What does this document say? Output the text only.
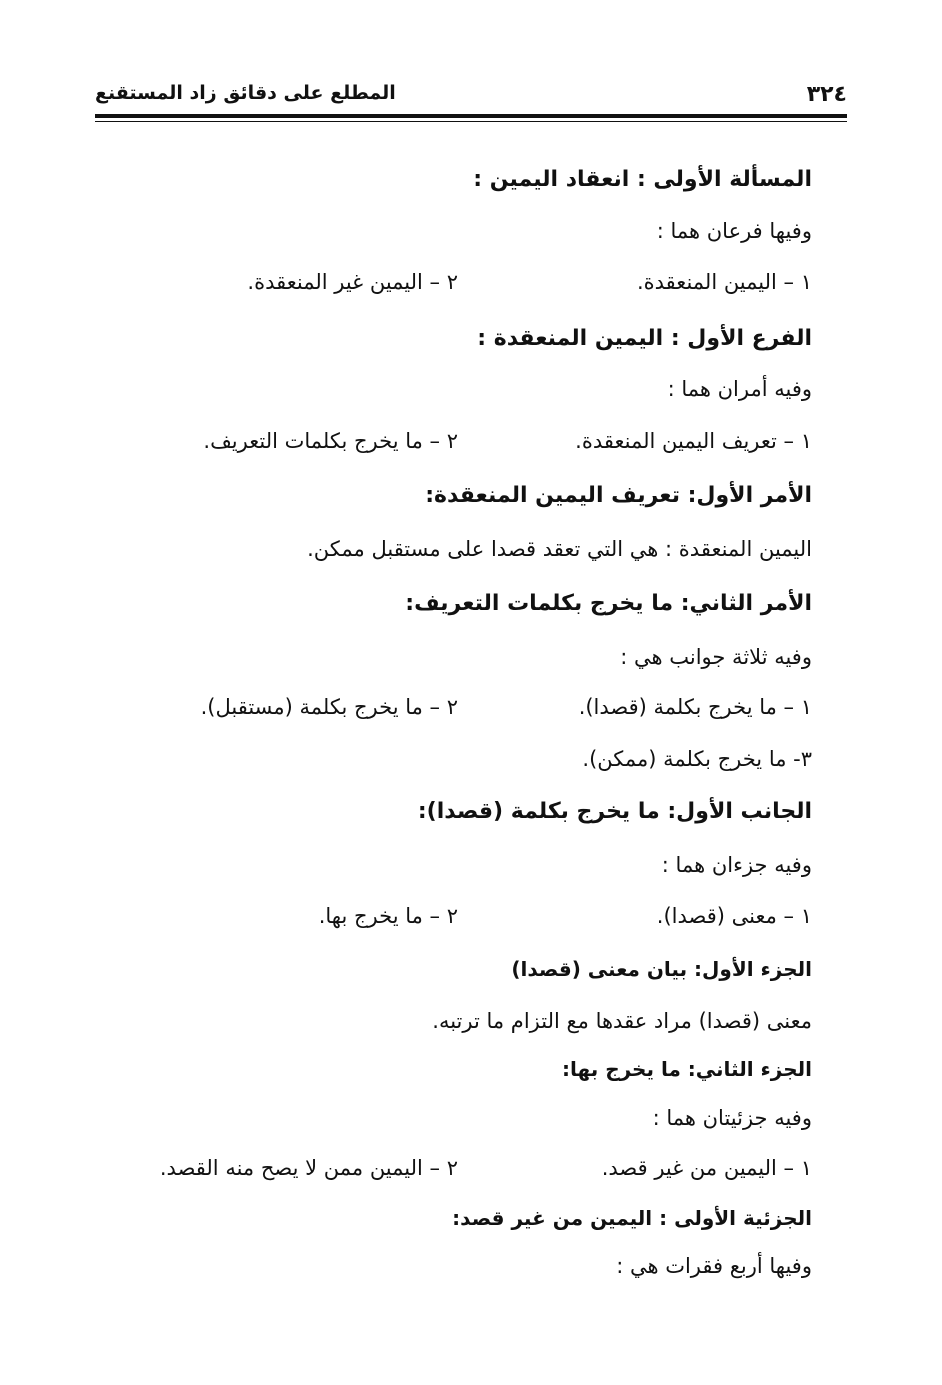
٣٢٤
المطلع على دقائق زاد المستقنع
المسألة الأولى : انعقاد اليمين :
وفيها فرعان هما :
١ – اليمين المنعقدة.
٢ – اليمين غير المنعقدة.
الفرع الأول : اليمين المنعقدة :
وفيه أمران هما :
١ – تعريف اليمين المنعقدة.
٢ – ما يخرج بكلمات التعريف.
الأمر الأول: تعريف اليمين المنعقدة:
اليمين المنعقدة : هي التي تعقد قصدا على مستقبل ممكن.
الأمر الثاني: ما يخرج بكلمات التعريف:
وفيه ثلاثة جوانب هي :
١ – ما يخرج بكلمة (قصدا).
٢ – ما يخرج بكلمة (مستقبل).
٣- ما يخرج بكلمة (ممكن).
الجانب الأول: ما يخرج بكلمة (قصدا):
وفيه جزءان هما :
١ – معنى (قصدا).
٢ – ما يخرج بها.
الجزء الأول: بيان معنى (قصدا)
معنى (قصدا) مراد عقدها مع التزام ما ترتبه.
الجزء الثاني: ما يخرج بها:
وفيه جزئيتان هما :
١ – اليمين من غير قصد.
٢ – اليمين ممن لا يصح منه القصد.
الجزئية الأولى : اليمين من غير قصد:
وفيها أربع فقرات هي :
